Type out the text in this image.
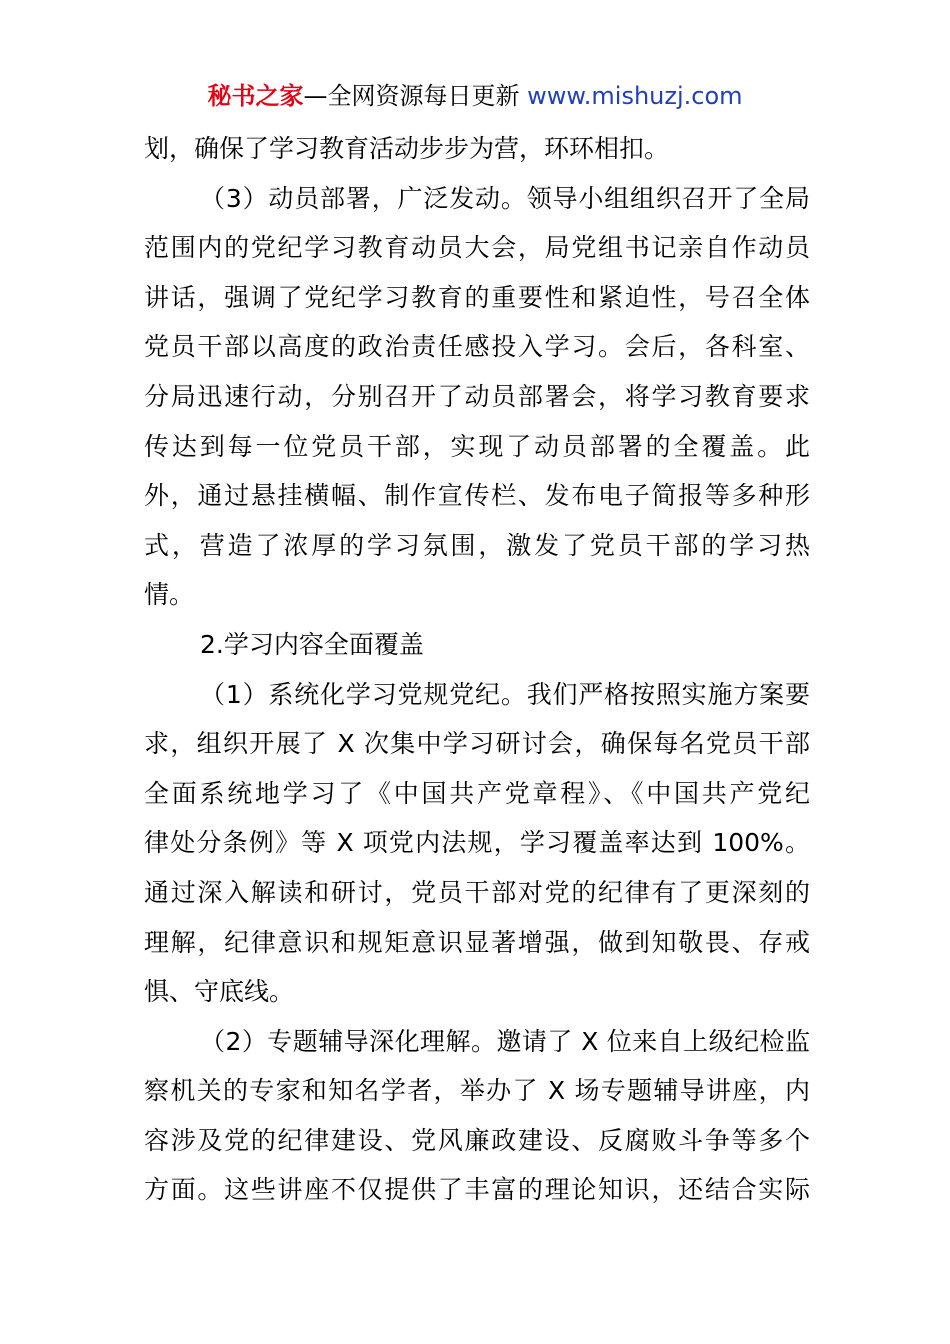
秘书之家—全网资源每日更新 www.mishuzj.com
划，确保了学习教育活动步步为营，环环相扣。
（3）动员部署，广泛发动。领导小组组织召开了全局
范围内的党纪学习教育动员大会，局党组书记亲自作动员
讲话，强调了党纪学习教育的重要性和紧迫性，号召全体
党员干部以高度的政治责任感投入学习。会后，各科室、
分局迅速行动，分别召开了动员部署会，将学习教育要求
传达到每一位党员干部，实现了动员部署的全覆盖。此
外，通过悬挂横幅、制作宣传栏、发布电子简报等多种形
式，营造了浓厚的学习氛围，激发了党员干部的学习热
情。
2.学习内容全面覆盖
（1）系统化学习党规党纪。我们严格按照实施方案要
求，组织开展了 X 次集中学习研讨会，确保每名党员干部
全面系统地学习了《中国共产党章程》、《中国共产党纪
律处分条例》等 X 项党内法规，学习覆盖率达到 100%。
通过深入解读和研讨，党员干部对党的纪律有了更深刻的
理解，纪律意识和规矩意识显著增强，做到知敬畏、存戒
惧、守底线。
（2）专题辅导深化理解。邀请了 X 位来自上级纪检监
察机关的专家和知名学者，举办了 X 场专题辅导讲座，内
容涉及党的纪律建设、党风廉政建设、反腐败斗争等多个
方面。这些讲座不仅提供了丰富的理论知识，还结合实际
